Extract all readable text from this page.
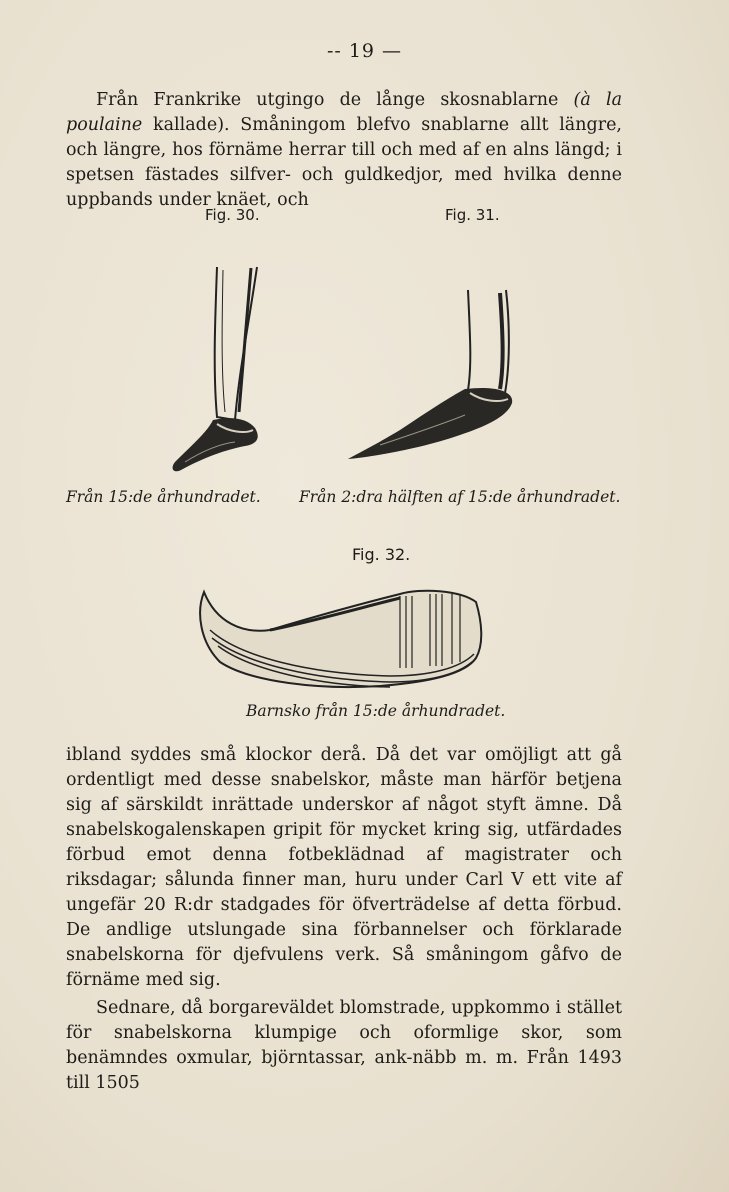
-- 19 —

Från Frankrike utgingo de långe skosnablarne (à la poulaine kallade). Småningom blefvo snablarne allt längre, och längre, hos förnäme herrar till och med af en alns längd; i spetsen fästades silfver- och guldkedjor, med hvilka denne uppbands under knäet, och

Fig. 30.
Från 15:de århundradet.
Fig. 31.
Från 2:dra hälften af 15:de århundradet.
Fig. 32.
Barnsko från 15:de århundradet.

ibland syddes små klockor derå. Då det var omöjligt att gå ordentligt med desse snabelskor, måste man härför betjena sig af särskildt inrättade underskor af något styft ämne. Då snabelskogalenskapen gripit för mycket kring sig, utfärdades förbud emot denna fotbeklädnad af magistrater och riksdagar; sålunda finner man, huru under Carl V ett vite af ungefär 20 R:dr stadgades för öfverträdelse af detta förbud. De andlige utslungade sina förbannelser och förklarade snabelskorna för djefvulens verk. Så småningom gåfvo de förnäme med sig.

Sednare, då borgareväldet blomstrade, uppkommo i stället för snabelskorna klumpige och oformlige skor, som benämndes oxmular, björntassar, ank-näbb m. m. Från 1493 till 1505
